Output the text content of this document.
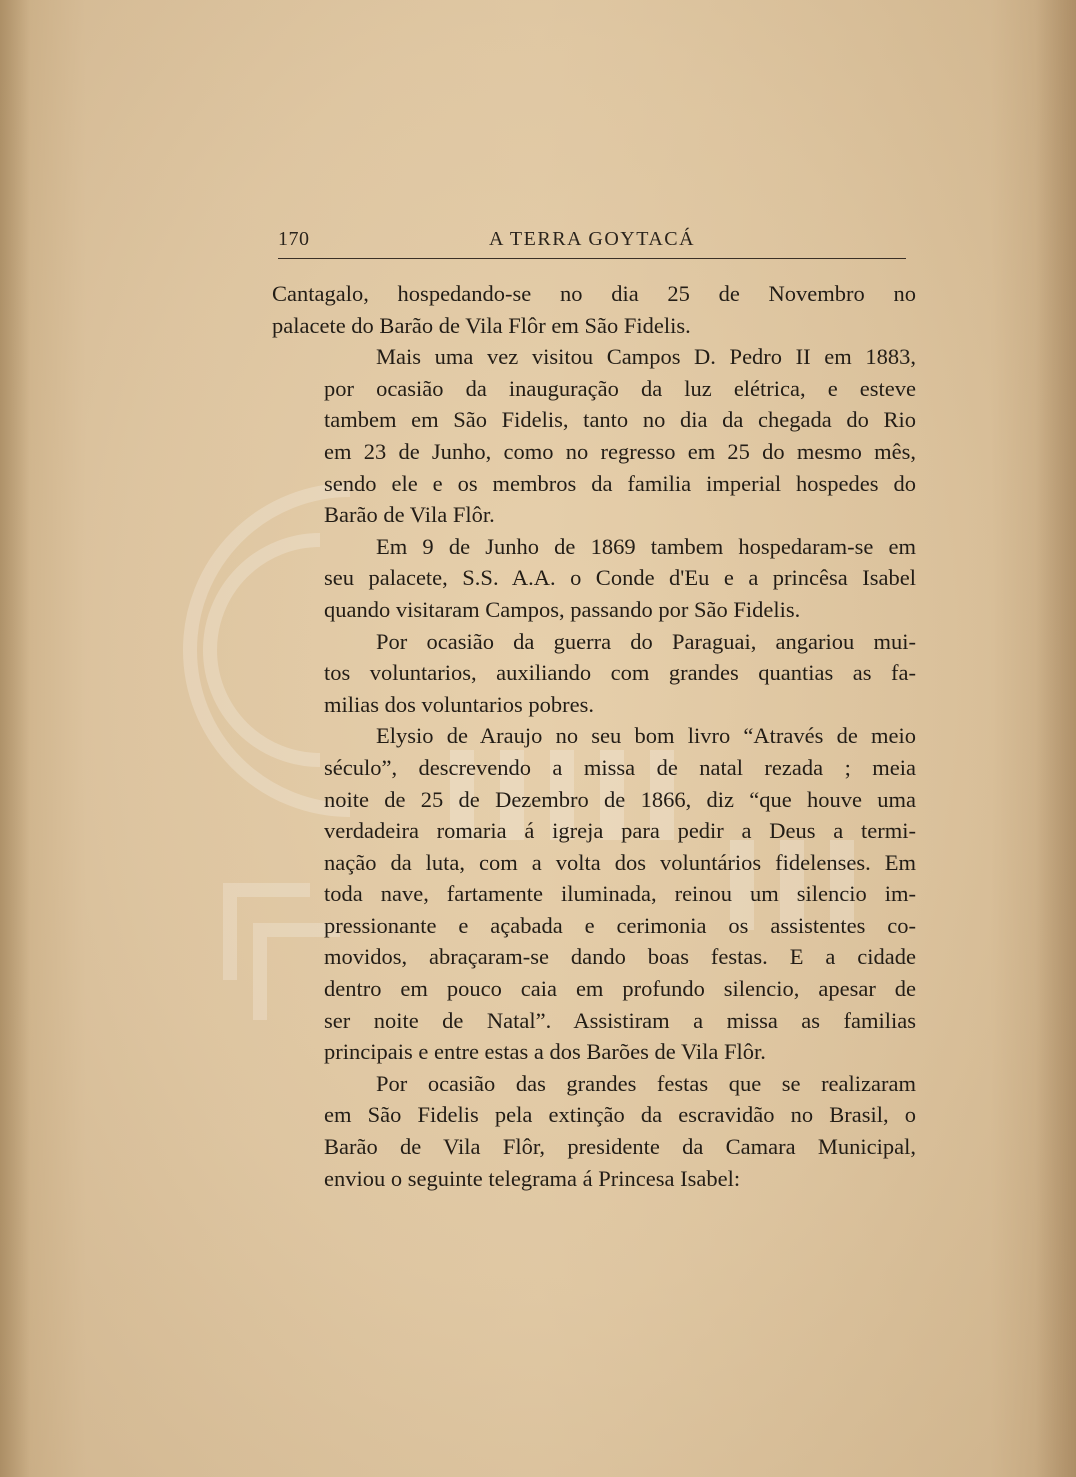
170	A TERRA GOYTACÁ
Cantagalo, hospedando-se no dia 25 de Novembro no
palacete do Barão de Vila Flôr em São Fidelis.
Mais uma vez visitou Campos D. Pedro II em 1883,
por ocasião da inauguração da luz elétrica, e esteve
tambem em São Fidelis, tanto no dia da chegada do Rio
em 23 de Junho, como no regresso em 25 do mesmo mês,
sendo ele e os membros da familia imperial hospedes do
Barão de Vila Flôr.
Em 9 de Junho de 1869 tambem hospedaram-se em
seu palacete, S.S. A.A. o Conde d'Eu e a princêsa Isabel
quando visitaram Campos, passando por São Fidelis.
Por ocasião da guerra do Paraguai, angariou mui-
tos voluntarios, auxiliando com grandes quantias as fa-
milias dos voluntarios pobres.
Elysio de Araujo no seu bom livro “Através de meio
século”, descrevendo a missa de natal rezada ; meia
noite de 25 de Dezembro de 1866, diz “que houve uma
verdadeira romaria á igreja para pedir a Deus a termi-
nação da luta, com a volta dos voluntários fidelenses. Em
toda nave, fartamente iluminada, reinou um silencio im-
pressionante e açabada e cerimonia os assistentes co-
movidos, abraçaram-se dando boas festas. E a cidade
dentro em pouco caia em profundo silencio, apesar de
ser noite de Natal”. Assistiram a missa as familias
principais e entre estas a dos Barões de Vila Flôr.
Por ocasião das grandes festas que se realizaram
em São Fidelis pela extinção da escravidão no Brasil, o
Barão de Vila Flôr, presidente da Camara Municipal,
enviou o seguinte telegrama á Princesa Isabel:
